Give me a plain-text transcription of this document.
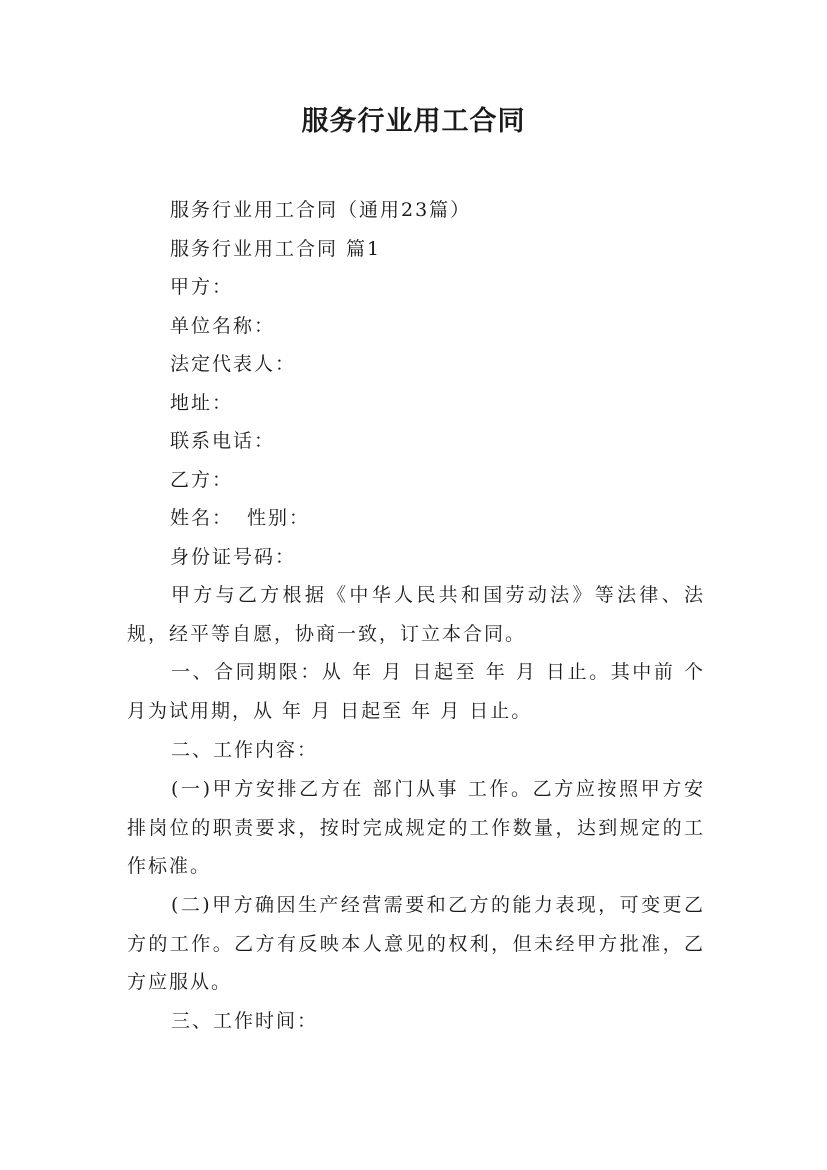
服务行业用工合同
服务行业用工合同（通用23篇）
服务行业用工合同 篇1
甲方：
单位名称：
法定代表人：
地址：
联系电话：
乙方：
姓名： 性别：
身份证号码：
甲方与乙方根据《中华人民共和国劳动法》等法律、法规，经平等自愿，协商一致，订立本合同。
一、合同期限：从 年 月 日起至 年 月 日止。其中前 个月为试用期，从 年 月 日起至 年 月 日止。
二、工作内容：
(一)甲方安排乙方在 部门从事 工作。乙方应按照甲方安排岗位的职责要求，按时完成规定的工作数量，达到规定的工作标准。
(二)甲方确因生产经营需要和乙方的能力表现，可变更乙方的工作。乙方有反映本人意见的权利，但未经甲方批准，乙方应服从。
三、工作时间：
